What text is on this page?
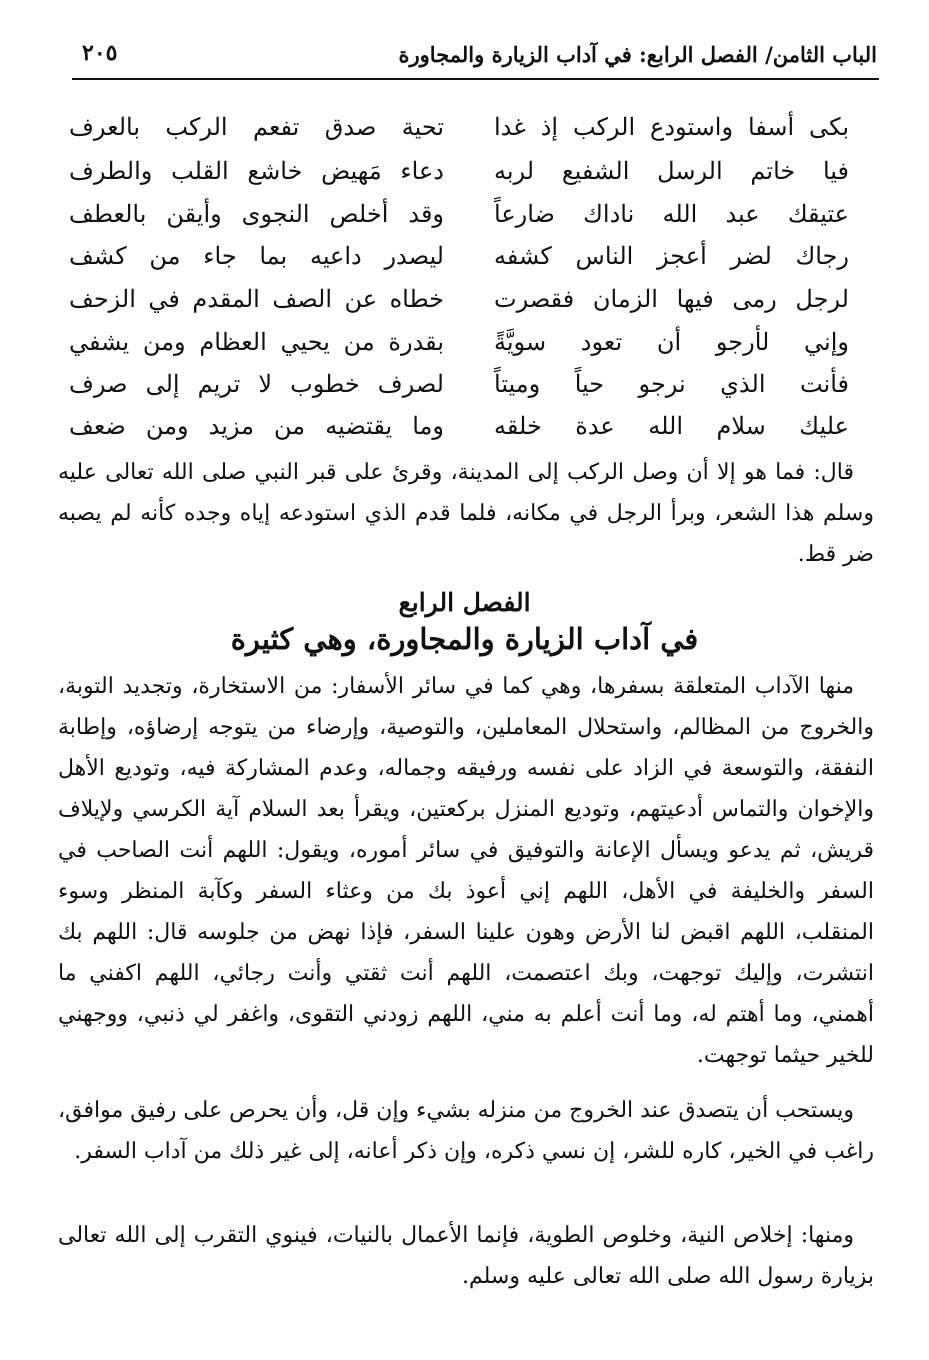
الباب الثامن/ الفصل الرابع: في آداب الزيارة والمجاورة
٢٠٥
بكى أسفا واستودع الركب إذ غدا
تحية صدق تفعم الركب بالعرف
فيا خاتم الرسل الشفيع لربه
دعاء مَهيض خاشع القلب والطرف
عتيقك عبد الله ناداك ضارعاً
وقد أخلص النجوى وأيقن بالعطف
رجاك لضر أعجز الناس كشفه
ليصدر داعيه بما جاء من كشف
لرجل رمى فيها الزمان فقصرت
خطاه عن الصف المقدم في الزحف
وإني لأرجو أن تعود سويَّةً
بقدرة من يحيي العظام ومن يشفي
فأنت الذي نرجو حياً وميتاً
لصرف خطوب لا تريم إلى صرف
عليك سلام الله عدة خلقه
وما يقتضيه من مزيد ومن ضعف

قال: فما هو إلا أن وصل الركب إلى المدينة، وقرئ على قبر النبي صلى الله تعالى عليه وسلم هذا الشعر، وبرأ الرجل في مكانه، فلما قدم الذي استودعه إياه وجده كأنه لم يصبه ضر قط.

الفصل الرابع
في آداب الزيارة والمجاورة، وهي كثيرة

منها الآداب المتعلقة بسفرها، وهي كما في سائر الأسفار: من الاستخارة، وتجديد التوبة، والخروج من المظالم، واستحلال المعاملين، والتوصية، وإرضاء من يتوجه إرضاؤه، وإطابة النفقة، والتوسعة في الزاد على نفسه ورفيقه وجماله، وعدم المشاركة فيه، وتوديع الأهل والإخوان والتماس أدعيتهم، وتوديع المنزل بركعتين، ويقرأ بعد السلام آية الكرسي ولإيلاف قريش، ثم يدعو ويسأل الإعانة والتوفيق في سائر أموره، ويقول: اللهم أنت الصاحب في السفر والخليفة في الأهل، اللهم إني أعوذ بك من وعثاء السفر وكآبة المنظر وسوء المنقلب، اللهم اقبض لنا الأرض وهون علينا السفر، فإذا نهض من جلوسه قال: اللهم بك انتشرت، وإليك توجهت، وبك اعتصمت، اللهم أنت ثقتي وأنت رجائي، اللهم اكفني ما أهمني، وما أهتم له، وما أنت أعلم به مني، اللهم زودني التقوى، واغفر لي ذنبي، ووجهني للخير حيثما توجهت.

ويستحب أن يتصدق عند الخروج من منزله بشيء وإن قل، وأن يحرص على رفيق موافق، راغب في الخير، كاره للشر، إن نسي ذكره، وإن ذكر أعانه، إلى غير ذلك من آداب السفر.

ومنها: إخلاص النية، وخلوص الطوية، فإنما الأعمال بالنيات، فينوي التقرب إلى الله تعالى بزيارة رسول الله صلى الله تعالى عليه وسلم.
